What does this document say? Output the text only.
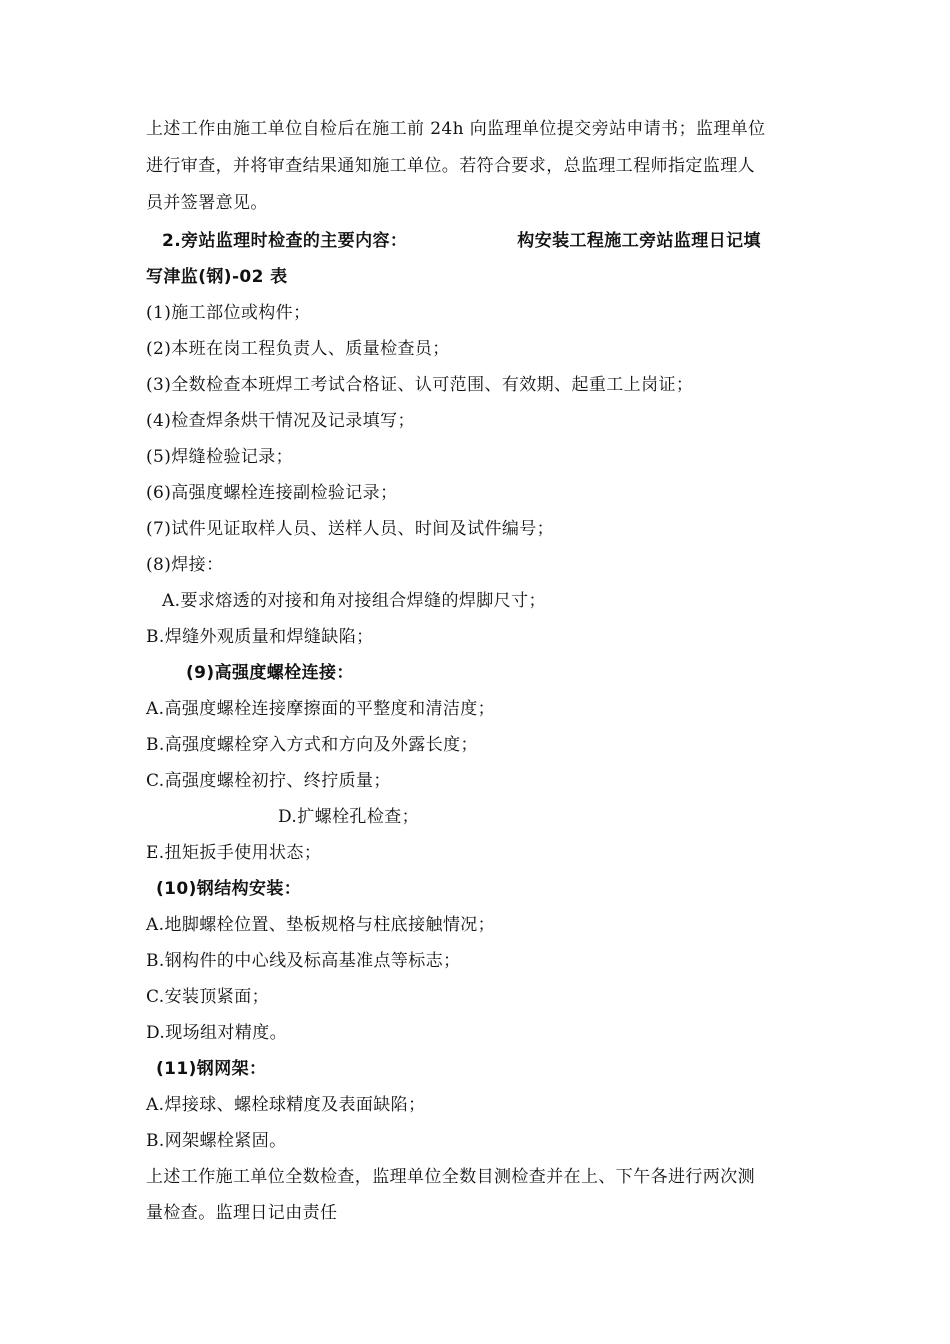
上述工作由施工单位自检后在施工前 24h 向监理单位提交旁站申请书；监理单位
进行审查，并将审查结果通知施工单位。若符合要求，总监理工程师指定监理人
员并签署意见。
2.旁站监理时检查的主要内容：	构安装工程施工旁站监理日记填
写津监(钢)-02 表
(1)施工部位或构件；
(2)本班在岗工程负责人、质量检查员；
(3)全数检查本班焊工考试合格证、认可范围、有效期、起重工上岗证；
(4)检查焊条烘干情况及记录填写；
(5)焊缝检验记录；
(6)高强度螺栓连接副检验记录；
(7)试件见证取样人员、送样人员、时间及试件编号；
(8)焊接：
A.要求熔透的对接和角对接组合焊缝的焊脚尺寸；
B.焊缝外观质量和焊缝缺陷；
(9)高强度螺栓连接：
A.高强度螺栓连接摩擦面的平整度和清洁度；
B.高强度螺栓穿入方式和方向及外露长度；
C.高强度螺栓初拧、终拧质量；
D.扩螺栓孔检查；
E.扭矩扳手使用状态；
(10)钢结构安装：
A.地脚螺栓位置、垫板规格与柱底接触情况；
B.钢构件的中心线及标高基准点等标志；
C.安装顶紧面；
D.现场组对精度。
(11)钢网架：
A.焊接球、螺栓球精度及表面缺陷；
B.网架螺栓紧固。
上述工作施工单位全数检查，监理单位全数目测检查并在上、下午各进行两次测
量检查。监理日记由责任
